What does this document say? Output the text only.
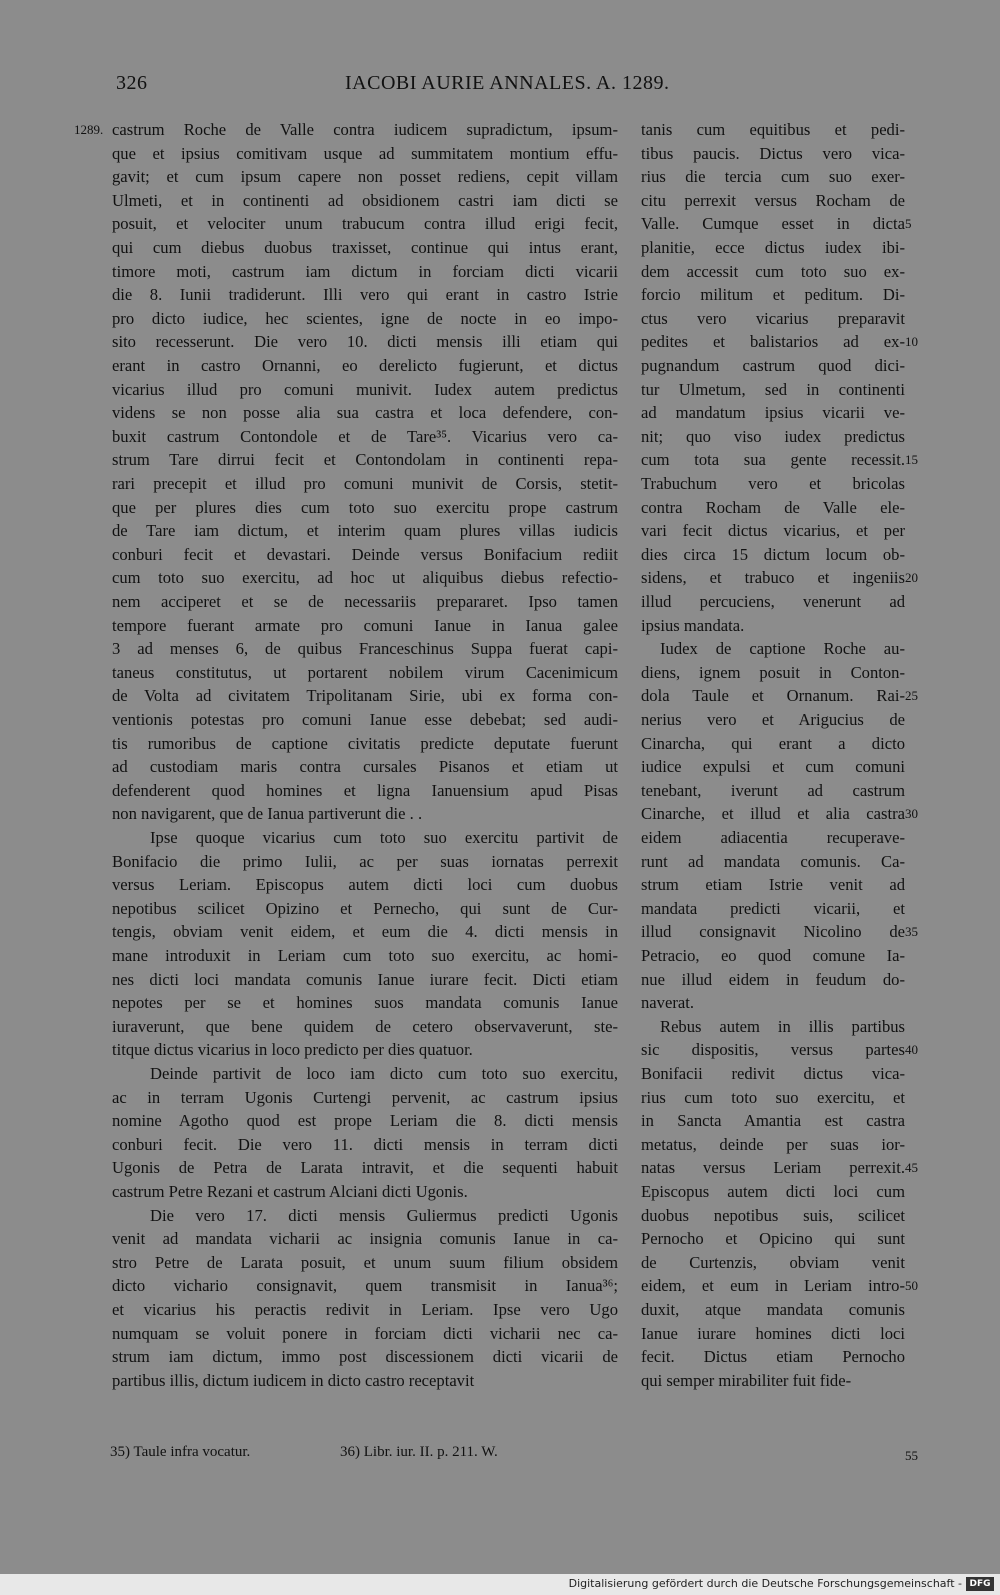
326	IACOBI AURIE ANNALES. A. 1289.
1289. castrum Roche de Valle contra iudicem supradictum, ipsum-
que et ipsius comitivam usque ad summitatem montium effu-
gavit; et cum ipsum capere non posset rediens, cepit villam
Ulmeti, et in continenti ad obsidionem castri iam dicti se
posuit, et velociter unum trabucum contra illud erigi fecit,
qui cum diebus duobus traxisset, continue qui intus erant,
timore moti, castrum iam dictum in forciam dicti vicarii
die 8. Iunii tradiderunt. Illi vero qui erant in castro Istrie
pro dicto iudice, hec scientes, igne de nocte in eo impo-
sito recesserunt. Die vero 10. dicti mensis illi etiam qui
erant in castro Ornanni, eo derelicto fugierunt, et dictus
vicarius illud pro comuni munivit. Iudex autem predictus
videns se non posse alia sua castra et loca defendere, con-
buxit castrum Contondole et de Tare³⁵. Vicarius vero ca-
strum Tare dirrui fecit et Contondolam in continenti repa-
rari precepit et illud pro comuni munivit de Corsis, stetit-
que per plures dies cum toto suo exercitu prope castrum
de Tare iam dictum, et interim quam plures villas iudicis
conburi fecit et devastari. Deinde versus Bonifacium rediit
cum toto suo exercitu, ad hoc ut aliquibus diebus refectio-
nem acciperet et se de necessariis prepararet. Ipso tamen
tempore fuerant armate pro comuni Ianue in Ianua galee
3 ad menses 6, de quibus Franceschinus Suppa fuerat capi-
taneus constitutus, ut portarent nobilem virum Cacenimicum
de Volta ad civitatem Tripolitanam Sirie, ubi ex forma con-
ventionis potestas pro comuni Ianue esse debebat; sed audi-
tis rumoribus de captione civitatis predicte deputate fuerunt
ad custodiam maris contra cursales Pisanos et etiam ut
defenderent quod homines et ligna Ianuensium apud Pisas
non navigarent, que de Ianua partiverunt die . .
Ipse quoque vicarius cum toto suo exercitu partivit de
Bonifacio die primo Iulii, ac per suas iornatas perrexit
versus Leriam. Episcopus autem dicti loci cum duobus
nepotibus scilicet Opizino et Pernecho, qui sunt de Cur-
tengis, obviam venit eidem, et eum die 4. dicti mensis in
mane introduxit in Leriam cum toto suo exercitu, ac homi-
nes dicti loci mandata comunis Ianue iurare fecit. Dicti etiam
nepotes per se et homines suos mandata comunis Ianue
iuraverunt, que bene quidem de cetero observaverunt, ste-
titque dictus vicarius in loco predicto per dies quatuor.
Deinde partivit de loco iam dicto cum toto suo exercitu,
ac in terram Ugonis Curtengi pervenit, ac castrum ipsius
nomine Agotho quod est prope Leriam die 8. dicti mensis
conburi fecit. Die vero 11. dicti mensis in terram dicti
Ugonis de Petra de Larata intravit, et die sequenti habuit
castrum Petre Rezani et castrum Alciani dicti Ugonis.
Die vero 17. dicti mensis Guliermus predicti Ugonis
venit ad mandata vicharii ac insignia comunis Ianue in ca-
stro Petre de Larata posuit, et unum suum filium obsidem
dicto vichario consignavit, quem transmisit in Ianua³⁶;
et vicarius his peractis redivit in Leriam. Ipse vero Ugo
numquam se voluit ponere in forciam dicti vicharii nec ca-
strum iam dictum, immo post discessionem dicti vicarii de
partibus illis, dictum iudicem in dicto castro receptavit
tanis cum equitibus et pedi-
tibus paucis. Dictus vero vica-
rius die tercia cum suo exer-
citu perrexit versus Rocham de
Valle. Cumque esset in dicta
planitie, ecce dictus iudex ibi-
dem accessit cum toto suo ex-
forcio militum et peditum. Di-
ctus vero vicarius preparavit
pedites et balistarios ad ex-
pugnandum castrum quod dici-
tur Ulmetum, sed in continenti
ad mandatum ipsius vicarii ve-
nit; quo viso iudex predictus
cum tota sua gente recessit.
Trabuchum vero et bricolas
contra Rocham de Valle ele-
vari fecit dictus vicarius, et per
dies circa 15 dictum locum ob-
sidens, et trabuco et ingeniis
illud percuciens, venerunt ad
ipsius mandata.
Iudex de captione Roche au-
diens, ignem posuit in Conton-
dola Taule et Ornanum. Rai-
nerius vero et Arigucius de
Cinarcha, qui erant a dicto
iudice expulsi et cum comuni
tenebant, iverunt ad castrum
Cinarche, et illud et alia castra
eidem adiacentia recuperave-
runt ad mandata comunis. Ca-
strum etiam Istrie venit ad
mandata predicti vicarii, et
illud consignavit Nicolino de
Petracio, eo quod comune Ia-
nue illud eidem in feudum do-
naverat.
Rebus autem in illis partibus
sic dispositis, versus partes
Bonifacii redivit dictus vica-
rius cum toto suo exercitu, et
in Sancta Amantia est castra
metatus, deinde per suas ior-
natas versus Leriam perrexit.
Episcopus autem dicti loci cum
duobus nepotibus suis, scilicet
Pernocho et Opicino qui sunt
de Curtenzis, obviam venit
eidem, et eum in Leriam intro-
duxit, atque mandata comunis
Ianue iurare homines dicti loci
fecit. Dictus etiam Pernocho
qui semper mirabiliter fuit fide-
5
10
15
20
25
30
35
40
45
50
55
35) Taule infra vocatur.	36) Libr. iur. II. p. 211. W.
Digitalisierung gefördert durch die Deutsche Forschungsgemeinschaft - DFG
